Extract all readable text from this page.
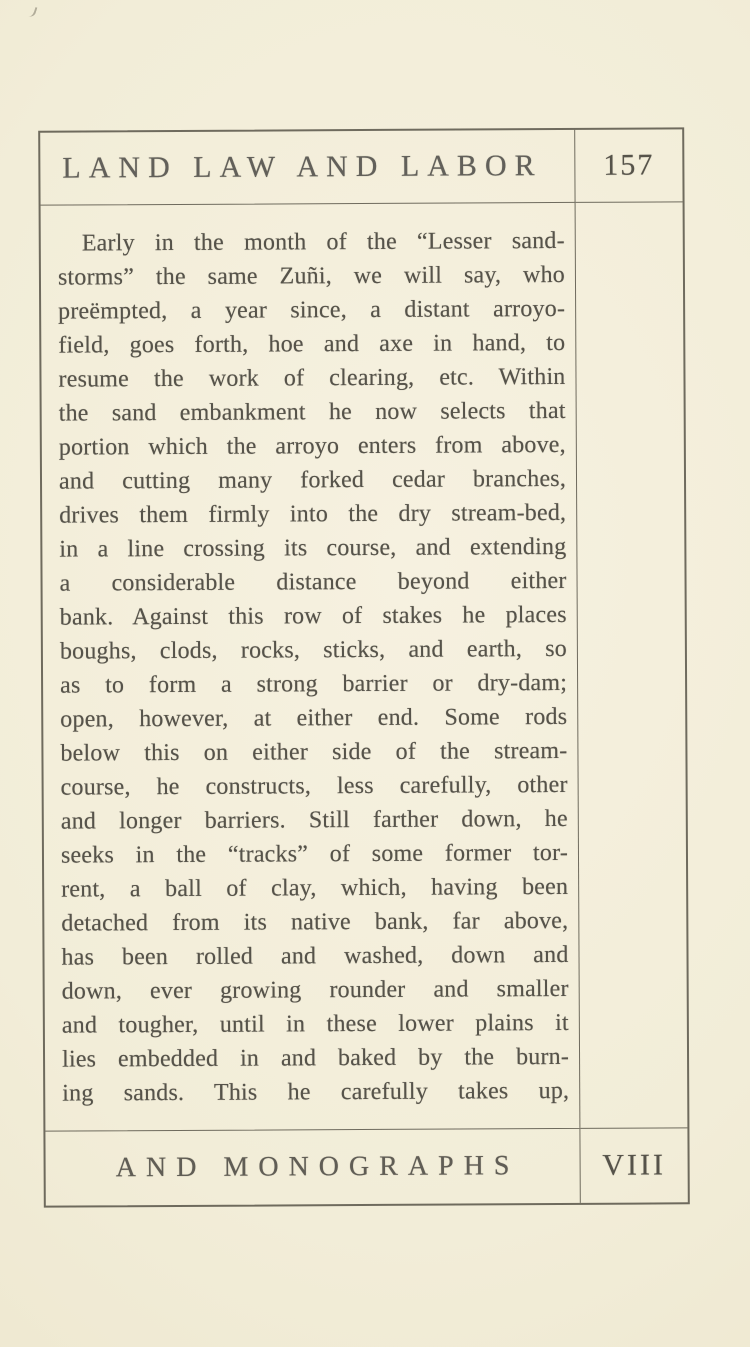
LAND LAW AND LABOR 157
Early in the month of the “Lesser sand-
storms” the same Zuñi, we will say, who
preëmpted, a year since, a distant arroyo-
field, goes forth, hoe and axe in hand, to
resume the work of clearing, etc. Within
the sand embankment he now selects that
portion which the arroyo enters from above,
and cutting many forked cedar branches,
drives them firmly into the dry stream-bed,
in a line crossing its course, and extending
a considerable distance beyond either
bank. Against this row of stakes he places
boughs, clods, rocks, sticks, and earth, so
as to form a strong barrier or dry-dam;
open, however, at either end. Some rods
below this on either side of the stream-
course, he constructs, less carefully, other
and longer barriers. Still farther down, he
seeks in the “tracks” of some former tor-
rent, a ball of clay, which, having been
detached from its native bank, far above,
has been rolled and washed, down and
down, ever growing rounder and smaller
and tougher, until in these lower plains it
lies embedded in and baked by the burn-
ing sands. This he carefully takes up,
AND MONOGRAPHS	VIII
